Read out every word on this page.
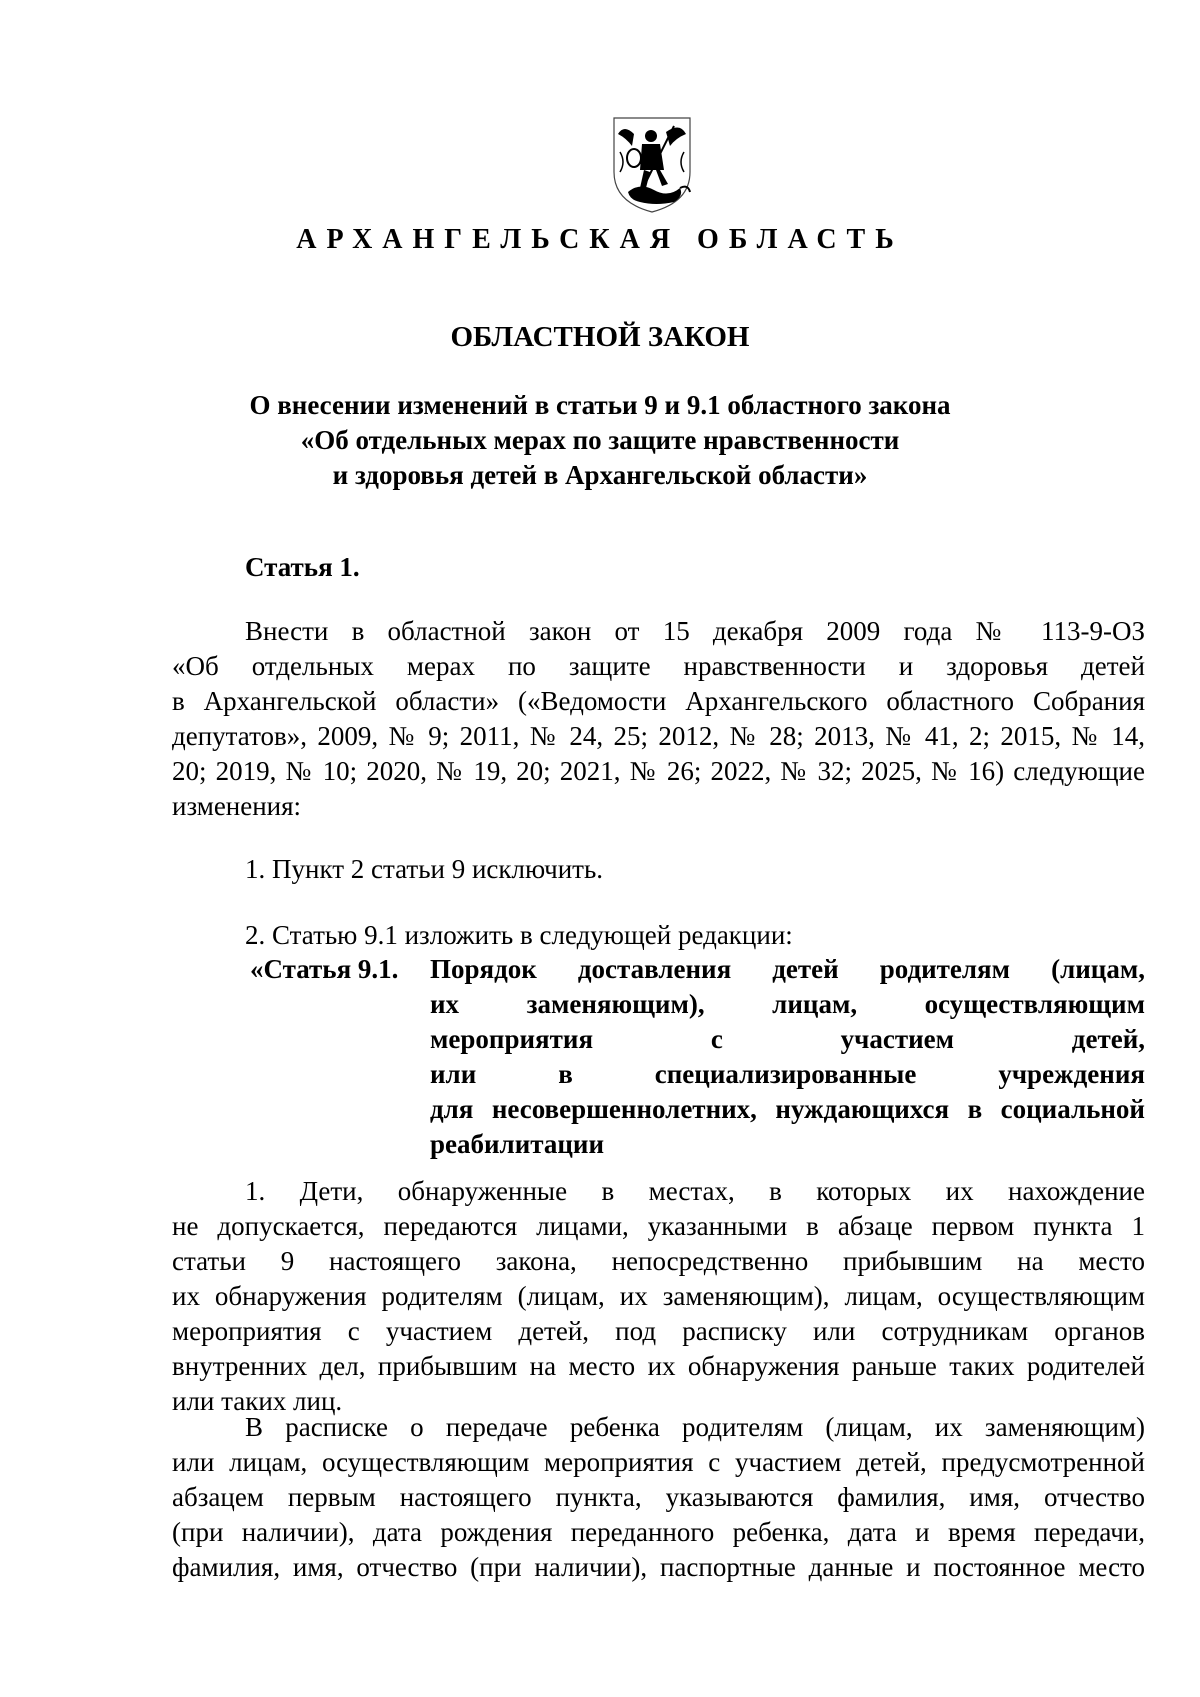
АРХАНГЕЛЬСКАЯ ОБЛАСТЬ
ОБЛАСТНОЙ ЗАКОН
О внесении изменений в статьи 9 и 9.1 областного закона
«Об отдельных мерах по защите нравственности
и здоровья детей в Архангельской области»
Статья 1.
Внести в областной закон от 15 декабря 2009 года № 113-9-ОЗ
«Об отдельных мерах по защите нравственности и здоровья детей
в Архангельской области» («Ведомости Архангельского областного Собрания
депутатов», 2009, № 9; 2011, № 24, 25; 2012, № 28; 2013, № 41, 2; 2015, № 14,
20; 2019, № 10; 2020, № 19, 20; 2021, № 26; 2022, № 32; 2025, № 16) следующие
изменения:
1. Пункт 2 статьи 9 исключить.
2. Статью 9.1 изложить в следующей редакции:
«Статья 9.1. Порядок доставления детей родителям (лицам,
их заменяющим), лицам, осуществляющим
мероприятия с участием детей,
или в специализированные учреждения
для несовершеннолетних, нуждающихся в социальной
реабилитации
1. Дети, обнаруженные в местах, в которых их нахождение
не допускается, передаются лицами, указанными в абзаце первом пункта 1
статьи 9 настоящего закона, непосредственно прибывшим на место
их обнаружения родителям (лицам, их заменяющим), лицам, осуществляющим
мероприятия с участием детей, под расписку или сотрудникам органов
внутренних дел, прибывшим на место их обнаружения раньше таких родителей
или таких лиц.
В расписке о передаче ребенка родителям (лицам, их заменяющим)
или лицам, осуществляющим мероприятия с участием детей, предусмотренной
абзацем первым настоящего пункта, указываются фамилия, имя, отчество
(при наличии), дата рождения переданного ребенка, дата и время передачи,
фамилия, имя, отчество (при наличии), паспортные данные и постоянное место
